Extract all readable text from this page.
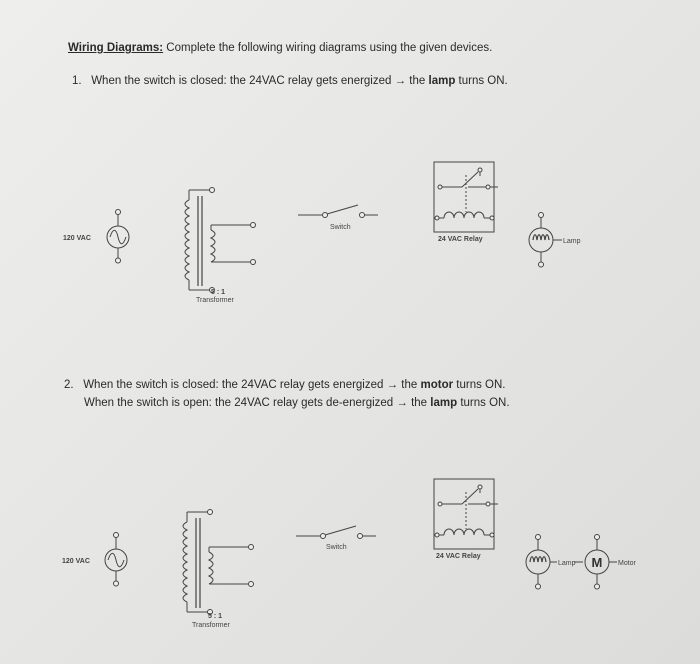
Wiring Diagrams: Complete the following wiring diagrams using the given devices.
1. When the switch is closed: the 24VAC relay gets energized → the lamp turns ON.
2. When the switch is closed: the 24VAC relay gets energized → the motor turns ON.
When the switch is open: the 24VAC relay gets de-energized → the lamp turns ON.
120 VAC
5 : 1
Transformer
Switch
24 VAC Relay	Lamp
120 VAC
5 : 1
Transformer
Switch
24 VAC Relay
Lamp M Motor
